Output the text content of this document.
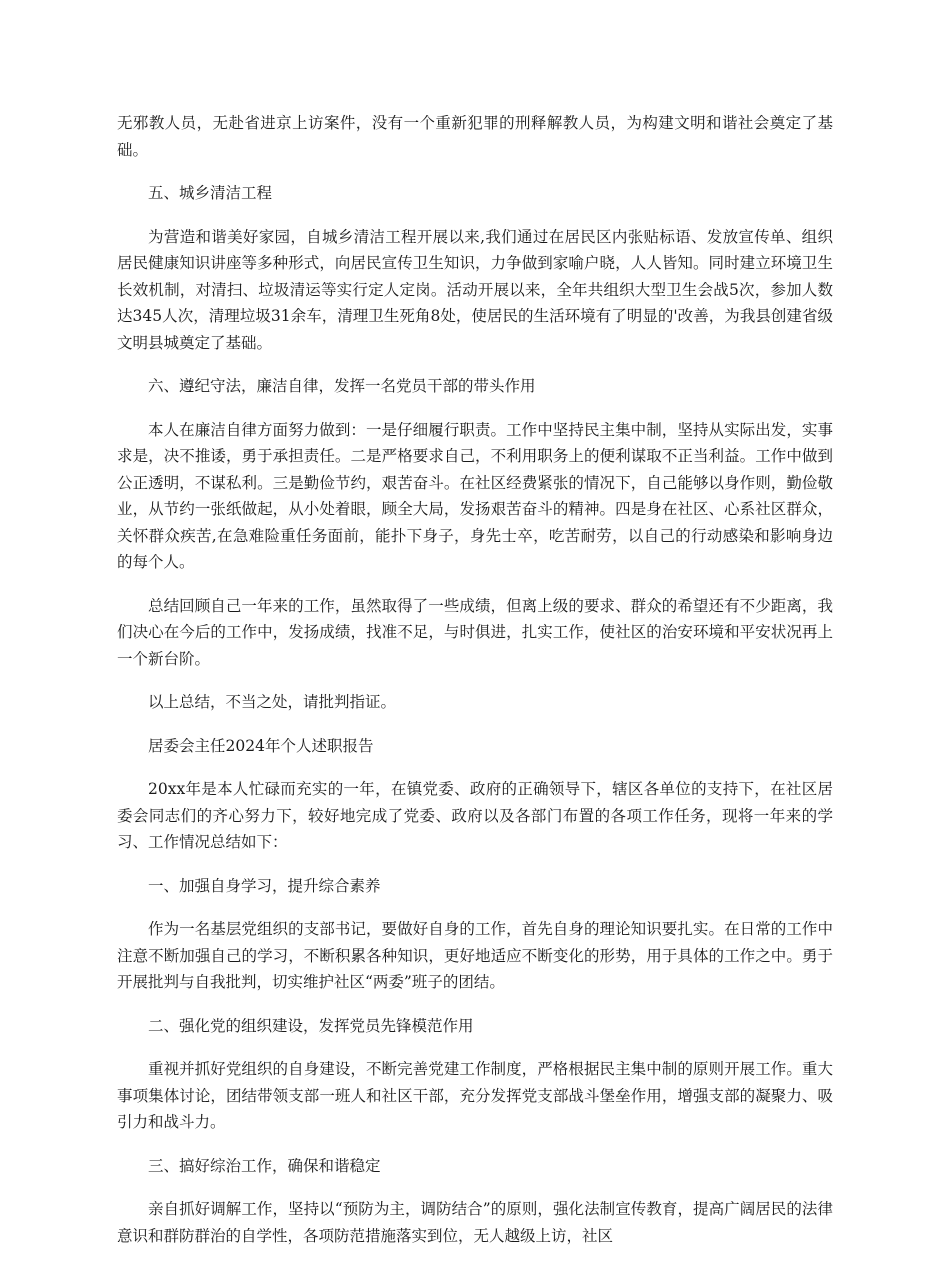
无邪教人员，无赴省进京上访案件，没有一个重新犯罪的刑释解教人员，为构建文明和谐社会奠定了基础。

五、城乡清洁工程

为营造和谐美好家园，自城乡清洁工程开展以来,我们通过在居民区内张贴标语、发放宣传单、组织居民健康知识讲座等多种形式，向居民宣传卫生知识，力争做到家喻户晓，人人皆知。同时建立环境卫生长效机制，对清扫、垃圾清运等实行定人定岗。活动开展以来，全年共组织大型卫生会战5次，参加人数达345人次，清理垃圾31余车，清理卫生死角8处，使居民的生活环境有了明显的'改善，为我县创建省级文明县城奠定了基础。

六、遵纪守法，廉洁自律，发挥一名党员干部的带头作用

本人在廉洁自律方面努力做到：一是仔细履行职责。工作中坚持民主集中制，坚持从实际出发，实事求是，决不推诿，勇于承担责任。二是严格要求自己，不利用职务上的便利谋取不正当利益。工作中做到公正透明，不谋私利。三是勤俭节约，艰苦奋斗。在社区经费紧张的情况下，自己能够以身作则，勤俭敬业，从节约一张纸做起，从小处着眼，顾全大局，发扬艰苦奋斗的精神。四是身在社区、心系社区群众，关怀群众疾苦,在急难险重任务面前，能扑下身子，身先士卒，吃苦耐劳，以自己的行动感染和影响身边的每个人。

总结回顾自己一年来的工作，虽然取得了一些成绩，但离上级的要求、群众的希望还有不少距离，我们决心在今后的工作中，发扬成绩，找准不足，与时俱进，扎实工作，使社区的治安环境和平安状况再上一个新台阶。

以上总结，不当之处，请批判指证。

居委会主任2024年个人述职报告

20xx年是本人忙碌而充实的一年，在镇党委、政府的正确领导下，辖区各单位的支持下，在社区居委会同志们的齐心努力下，较好地完成了党委、政府以及各部门布置的各项工作任务，现将一年来的学习、工作情况总结如下：

一、加强自身学习，提升综合素养

作为一名基层党组织的支部书记，要做好自身的工作，首先自身的理论知识要扎实。在日常的工作中注意不断加强自己的学习，不断积累各种知识，更好地适应不断变化的形势，用于具体的工作之中。勇于开展批判与自我批判，切实维护社区“两委”班子的团结。

二、强化党的组织建设，发挥党员先锋模范作用

重视并抓好党组织的自身建设，不断完善党建工作制度，严格根据民主集中制的原则开展工作。重大事项集体讨论，团结带领支部一班人和社区干部，充分发挥党支部战斗堡垒作用，增强支部的凝聚力、吸引力和战斗力。

三、搞好综治工作，确保和谐稳定

亲自抓好调解工作，坚持以“预防为主，调防结合”的原则，强化法制宣传教育，提高广阔居民的法律意识和群防群治的自学性，各项防范措施落实到位，无人越级上访，社区
